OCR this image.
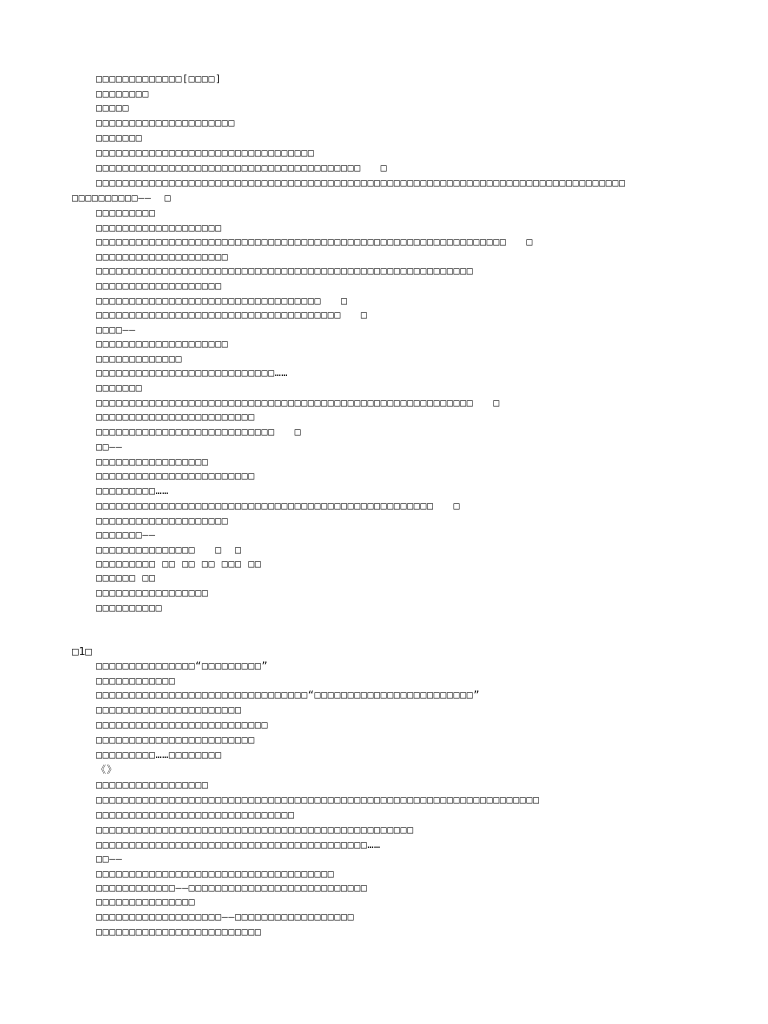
□□□□□□□□□□□□□[□□□□]
□□□□□□□□
□□□□□
□□□□□□□□□□□□□□□□□□□□□
□□□□□□□
□□□□□□□□□□□□□□□□□□□□□□□□□□□□□□□□□
□□□□□□□□□□□□□□□□□□□□□□□□□□□□□□□□□□□□□□□□   □
□□□□□□□□□□□□□□□□□□□□□□□□□□□□□□□□□□□□□□□□□□□□□□□□□□□□□□□□□□□□□□□□□□□□□□□□□□□□□□□□
□□□□□□□□□□——  □
□□□□□□□□□
□□□□□□□□□□□□□□□□□□□
□□□□□□□□□□□□□□□□□□□□□□□□□□□□□□□□□□□□□□□□□□□□□□□□□□□□□□□□□□□□□□   □
□□□□□□□□□□□□□□□□□□□□
□□□□□□□□□□□□□□□□□□□□□□□□□□□□□□□□□□□□□□□□□□□□□□□□□□□□□□□□□
□□□□□□□□□□□□□□□□□□□
□□□□□□□□□□□□□□□□□□□□□□□□□□□□□□□□□□   □
□□□□□□□□□□□□□□□□□□□□□□□□□□□□□□□□□□□□□   □
□□□□——
□□□□□□□□□□□□□□□□□□□□
□□□□□□□□□□□□□
□□□□□□□□□□□□□□□□□□□□□□□□□□□……
□□□□□□□
□□□□□□□□□□□□□□□□□□□□□□□□□□□□□□□□□□□□□□□□□□□□□□□□□□□□□□□□□   □
□□□□□□□□□□□□□□□□□□□□□□□□
□□□□□□□□□□□□□□□□□□□□□□□□□□□   □
□□——
□□□□□□□□□□□□□□□□□
□□□□□□□□□□□□□□□□□□□□□□□□
□□□□□□□□□……
□□□□□□□□□□□□□□□□□□□□□□□□□□□□□□□□□□□□□□□□□□□□□□□□□□□   □
□□□□□□□□□□□□□□□□□□□□
□□□□□□□——
□□□□□□□□□□□□□□□   □  □
□□□□□□□□□ □□ □□ □□ □□□ □□
□□□□□□ □□
□□□□□□□□□□□□□□□□□
□□□□□□□□□□
□1□
□□□□□□□□□□□□□□□“□□□□□□□□□”
□□□□□□□□□□□□
□□□□□□□□□□□□□□□□□□□□□□□□□□□□□□□□“□□□□□□□□□□□□□□□□□□□□□□□□”
□□□□□□□□□□□□□□□□□□□□□□
□□□□□□□□□□□□□□□□□□□□□□□□□□
□□□□□□□□□□□□□□□□□□□□□□□□
□□□□□□□□□……□□□□□□□□
《》
□□□□□□□□□□□□□□□□□
□□□□□□□□□□□□□□□□□□□□□□□□□□□□□□□□□□□□□□□□□□□□□□□□□□□□□□□□□□□□□□□□□□□
□□□□□□□□□□□□□□□□□□□□□□□□□□□□□□
□□□□□□□□□□□□□□□□□□□□□□□□□□□□□□□□□□□□□□□□□□□□□□□□
□□□□□□□□□□□□□□□□□□□□□□□□□□□□□□□□□□□□□□□□□……
□□——
□□□□□□□□□□□□□□□□□□□□□□□□□□□□□□□□□□□□
□□□□□□□□□□□□——□□□□□□□□□□□□□□□□□□□□□□□□□□□
□□□□□□□□□□□□□□□
□□□□□□□□□□□□□□□□□□□——□□□□□□□□□□□□□□□□□□
□□□□□□□□□□□□□□□□□□□□□□□□□
